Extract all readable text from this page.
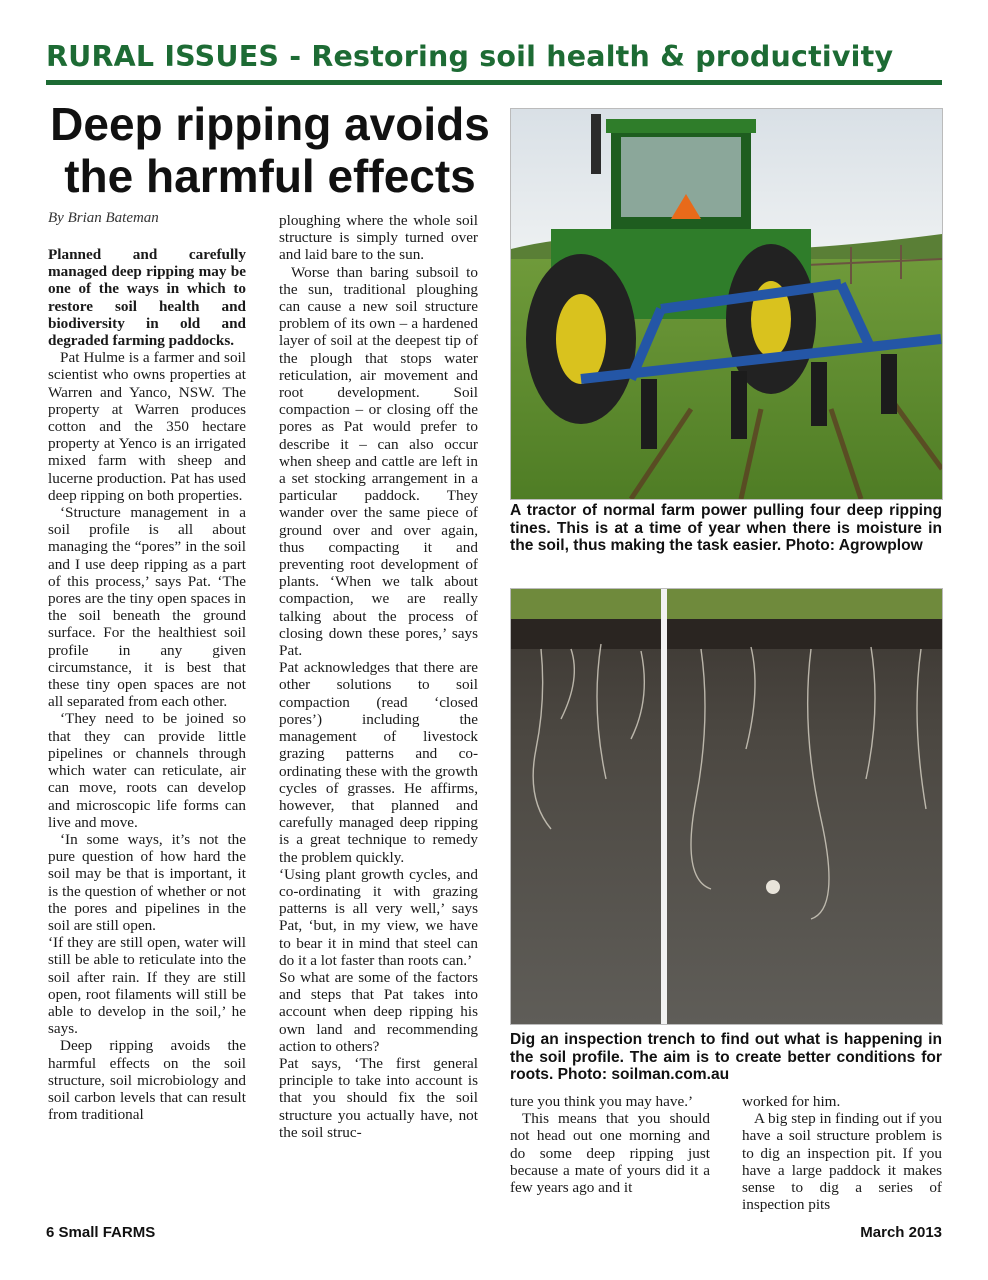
RURAL ISSUES - Restoring soil health & productivity
Deep ripping avoids the harmful effects
By Brian Bateman

Planned and carefully managed deep ripping may be one of the ways in which to restore soil health and biodiversity in old and degraded farming paddocks.

Pat Hulme is a farmer and soil scientist who owns properties at Warren and Yanco, NSW. The property at Warren produces cotton and the 350 hectare property at Yenco is an irrigated mixed farm with sheep and lucerne production. Pat has used deep ripping on both properties.

‘Structure management in a soil profile is all about managing the “pores” in the soil and I use deep ripping as a part of this process,’ says Pat. ‘The pores are the tiny open spaces in the soil beneath the ground surface. For the healthiest soil profile in any given circumstance, it is best that these tiny open spaces are not all separated from each other.

‘They need to be joined so that they can provide little pipelines or channels through which water can reticulate, air can move, roots can develop and microscopic life forms can live and move.

‘In some ways, it’s not the pure question of how hard the soil may be that is important, it is the question of whether or not the pores and pipelines in the soil are still open.

‘If they are still open, water will still be able to reticulate into the soil after rain. If they are still open, root filaments will still be able to develop in the soil,’ he says.

Deep ripping avoids the harmful effects on the soil structure, soil microbiology and soil carbon levels that can result from traditional

ploughing where the whole soil structure is simply turned over and laid bare to the sun.

Worse than baring subsoil to the sun, traditional ploughing can cause a new soil structure problem of its own – a hardened layer of soil at the deepest tip of the plough that stops water reticulation, air movement and root development. Soil compaction – or closing off the pores as Pat would prefer to describe it – can also occur when sheep and cattle are left in a set stocking arrangement in a particular paddock. They wander over the same piece of ground over and over again, thus compacting it and preventing root development of plants. ‘When we talk about compaction, we are really talking about the process of closing down these pores,’ says Pat.

Pat acknowledges that there are other solutions to soil compaction (read ‘closed pores’) including the management of livestock grazing patterns and co-ordinating these with the growth cycles of grasses. He affirms, however, that planned and carefully managed deep ripping is a great technique to remedy the problem quickly.

‘Using plant growth cycles, and co-ordinating it with grazing patterns is all very well,’ says Pat, ‘but, in my view, we have to bear it in mind that steel can do it a lot faster than roots can.’

So what are some of the factors and steps that Pat takes into account when deep ripping his own land and recommending action to others?

Pat says, ‘The first general principle to take into account is that you should fix the soil structure you actually have, not the soil struc-

A tractor of normal farm power pulling four deep ripping tines. This is at a time of year when there is moisture in the soil, thus making the task easier. Photo: Agrowplow
Dig an inspection trench to find out what is happening in the soil profile. The aim is to create better conditions for roots. Photo: soilman.com.au

ture you think you may have.’

This means that you should not head out one morning and do some deep ripping just because a mate of yours did it a few years ago and it

worked for him.

A big step in finding out if you have a soil structure problem is to dig an inspection pit. If you have a large paddock it makes sense to dig a series of inspection pits

6 Small FARMS	March 2013
